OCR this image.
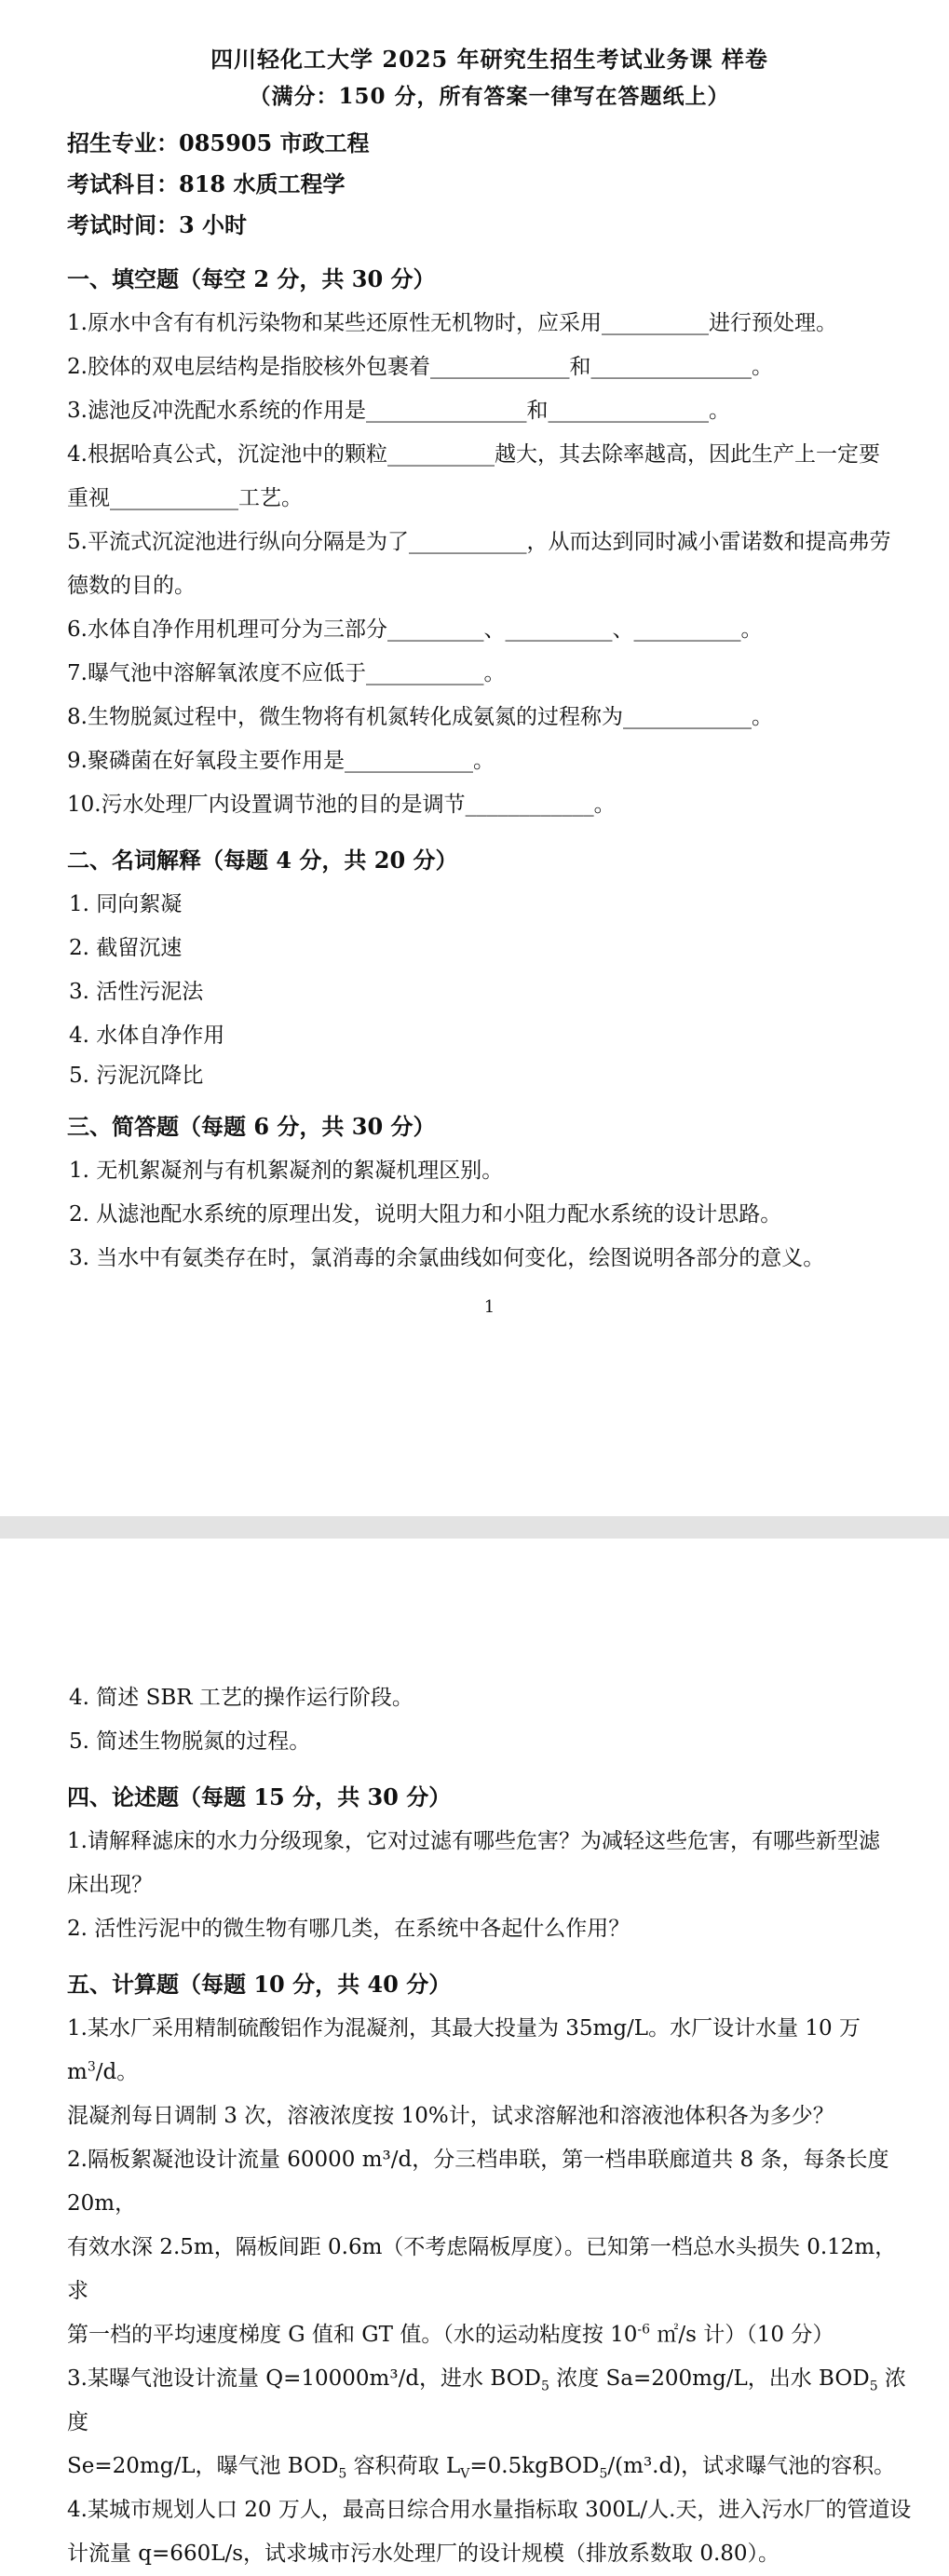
四川轻化工大学 2025 年研究生招生考试业务课 样卷
（满分：150 分，所有答案一律写在答题纸上）
招生专业：085905 市政工程
考试科目：818 水质工程学
考试时间：3 小时
一、填空题（每空 2 分，共 30 分）
1.原水中含有有机污染物和某些还原性无机物时，应采用__________进行预处理。
2.胶体的双电层结构是指胶核外包裹着_____________和_______________。
3.滤池反冲洗配水系统的作用是_______________和_______________。
4.根据哈真公式，沉淀池中的颗粒__________越大，其去除率越高，因此生产上一定要
重视____________工艺。
5.平流式沉淀池进行纵向分隔是为了___________，从而达到同时减小雷诺数和提高弗劳
德数的目的。
6.水体自净作用机理可分为三部分_________、__________、__________。
7.曝气池中溶解氧浓度不应低于___________。
8.生物脱氮过程中，微生物将有机氮转化成氨氮的过程称为____________。
9.聚磷菌在好氧段主要作用是____________。
10.污水处理厂内设置调节池的目的是调节____________。
二、名词解释（每题 4 分，共 20 分）
1. 同向絮凝
2. 截留沉速
3. 活性污泥法
4. 水体自净作用
5. 污泥沉降比
三、简答题（每题 6 分，共 30 分）
1. 无机絮凝剂与有机絮凝剂的絮凝机理区别。
2. 从滤池配水系统的原理出发，说明大阻力和小阻力配水系统的设计思路。
3. 当水中有氨类存在时，氯消毒的余氯曲线如何变化，绘图说明各部分的意义。
1
4. 简述 SBR 工艺的操作运行阶段。
5. 简述生物脱氮的过程。
四、论述题（每题 15 分，共 30 分）
1.请解释滤床的水力分级现象，它对过滤有哪些危害？为减轻这些危害，有哪些新型滤
床出现？
2. 活性污泥中的微生物有哪几类，在系统中各起什么作用？
五、计算题（每题 10 分，共 40 分）
1.某水厂采用精制硫酸铝作为混凝剂，其最大投量为 35mg/L。水厂设计水量 10 万 $m^3/d$。
混凝剂每日调制 3 次，溶液浓度按 10%计，试求溶解池和溶液池体积各为多少？
2.隔板絮凝池设计流量 60000 m³/d，分三档串联，第一档串联廊道共 8 条，每条长度 20m，
有效水深 2.5m，隔板间距 0.6m（不考虑隔板厚度）。已知第一档总水头损失 0.12m，求
第一档的平均速度梯度 G 值和 GT 值。（水的运动粘度按 $10^{-6}$ ㎡/s 计）（10 分）
3.某曝气池设计流量 Q=10000m³/d，进水 $BOD_5$ 浓度 Sa=200mg/L，出水 $BOD_5$ 浓度
Se=20mg/L，曝气池 $BOD_5$ 容积荷取 $L_V=0.5kgBOD_5/(m^3.d)$，试求曝气池的容积。
4.某城市规划人口 20 万人，最高日综合用水量指标取 300L/人.天，进入污水厂的管道设
计流量 q=660L/s，试求城市污水处理厂的设计规模（排放系数取 0.80）。
